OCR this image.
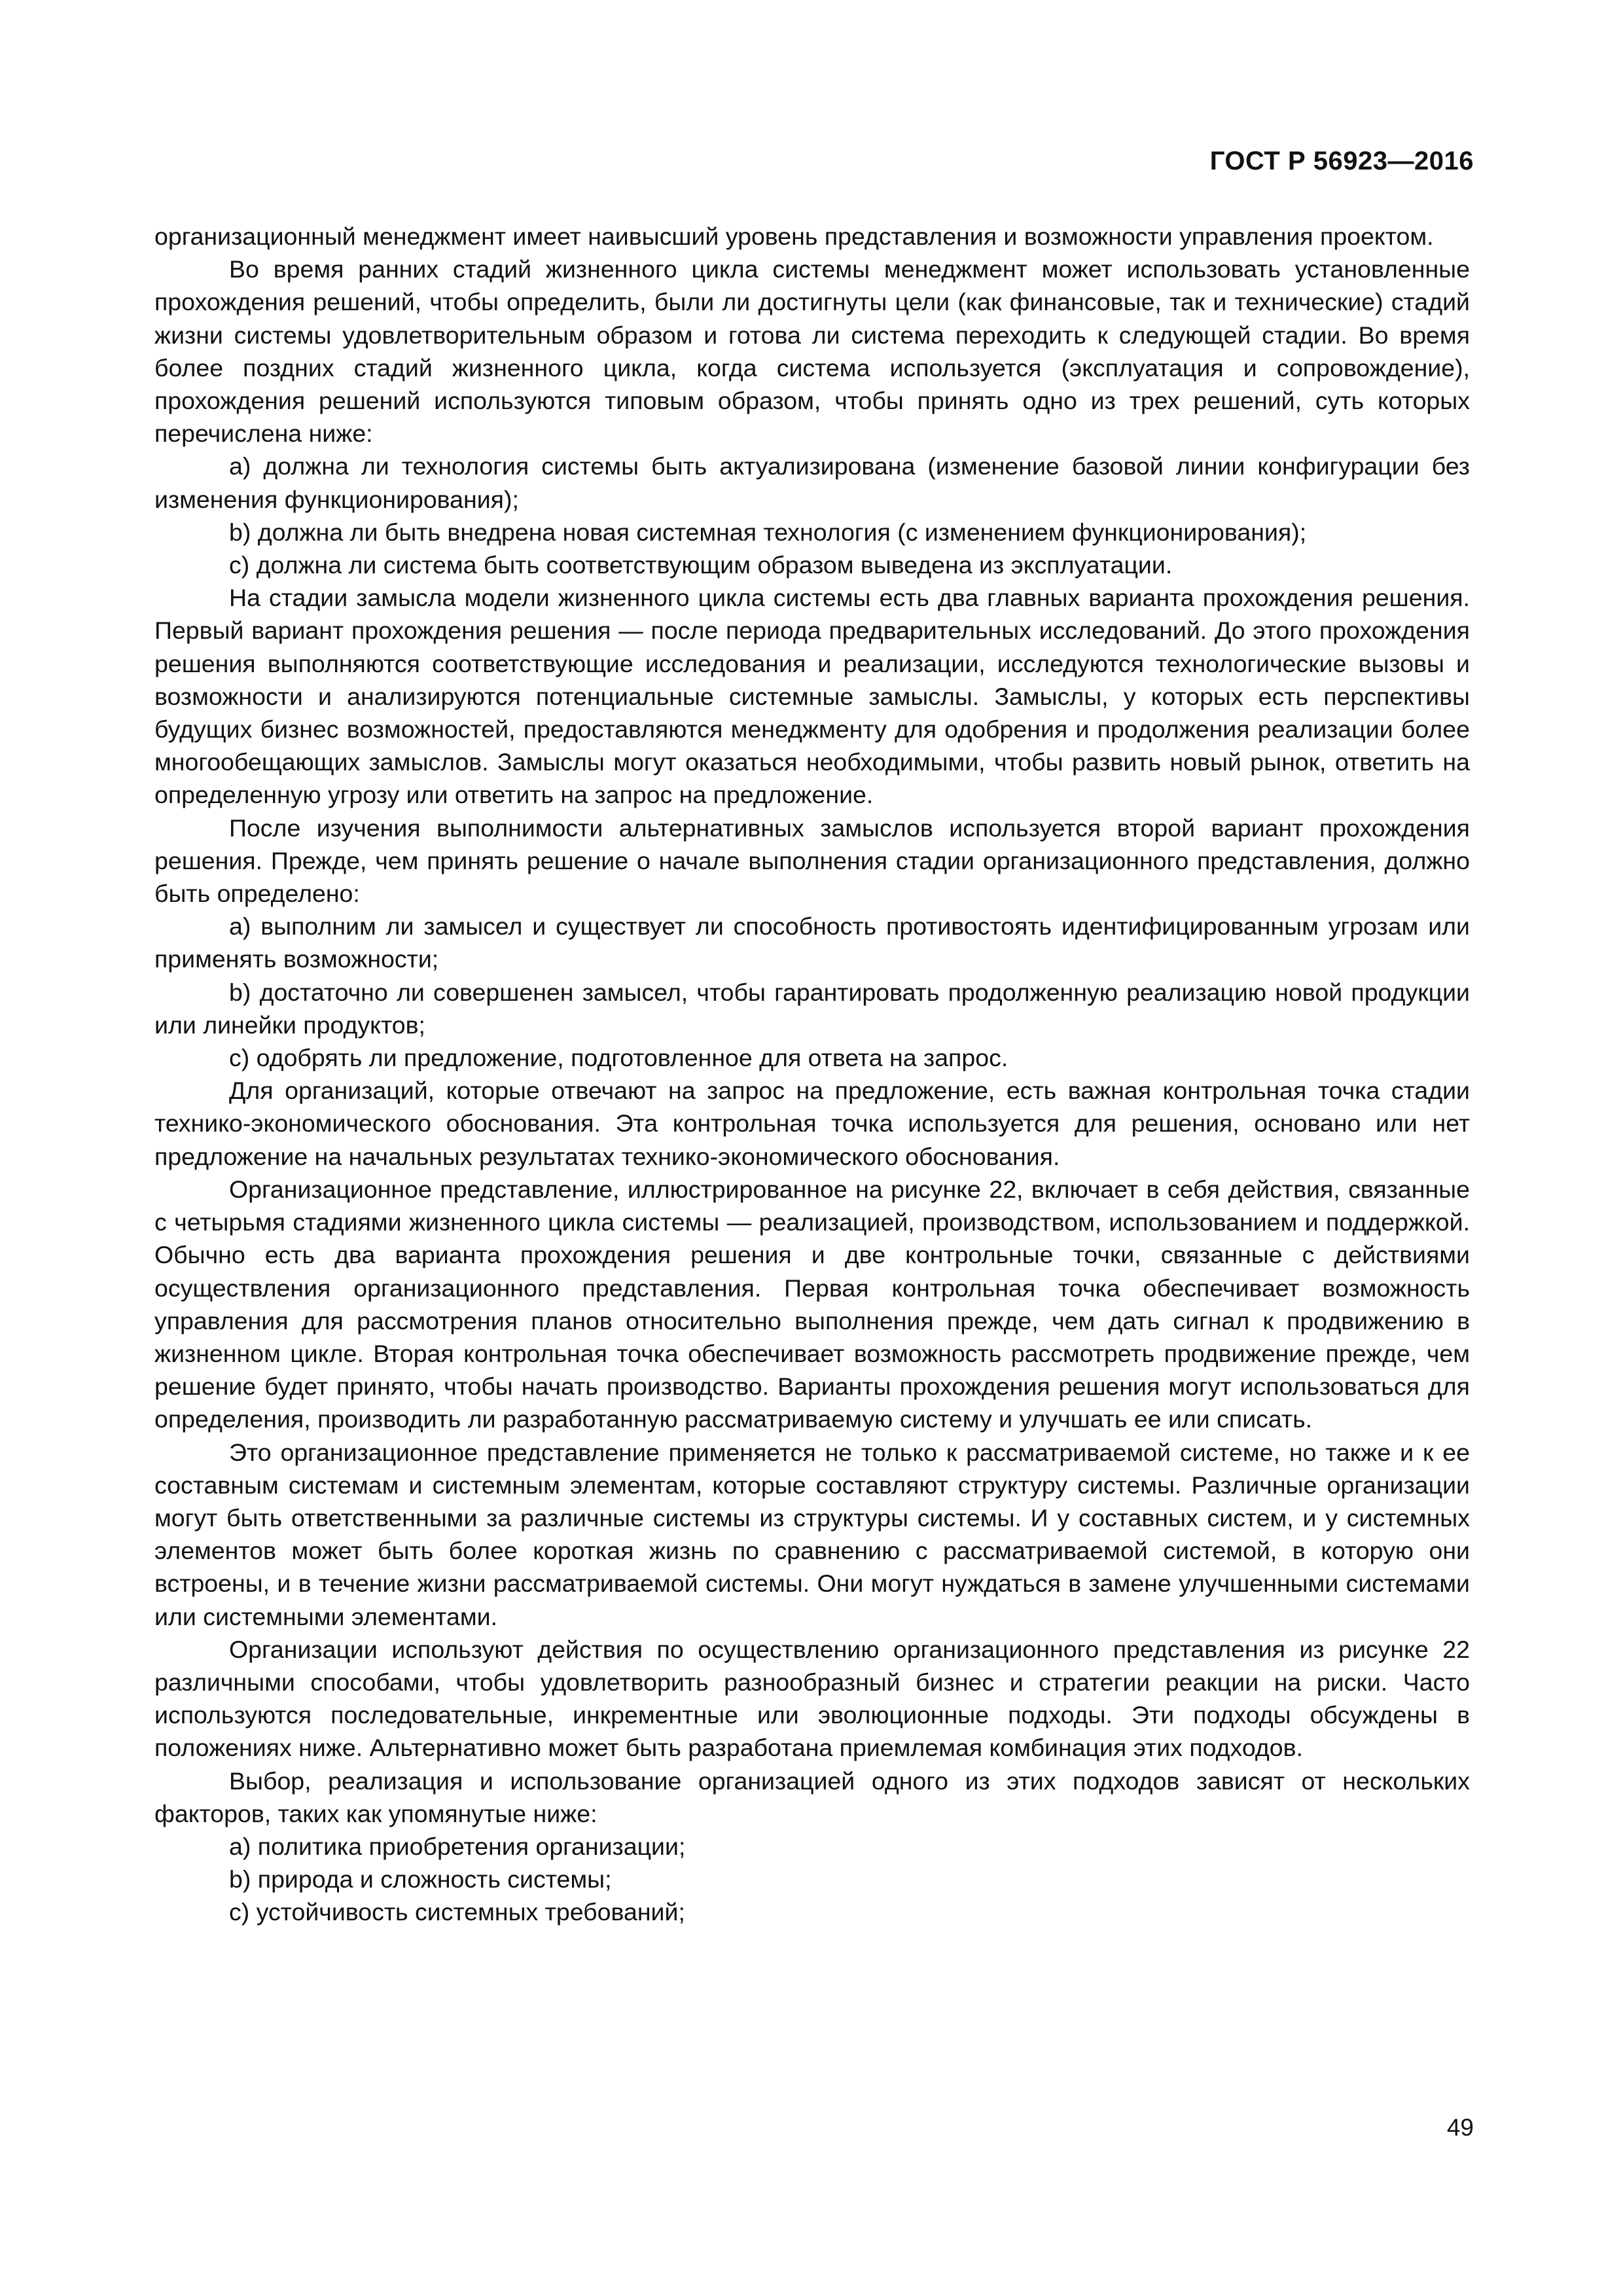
ГОСТ Р 56923—2016

организационный менеджмент имеет наивысший уровень представления и возможности управления проектом.

Во время ранних стадий жизненного цикла системы менеджмент может использовать установленные прохождения решений, чтобы определить, были ли достигнуты цели (как финансовые, так и технические) стадий жизни системы удовлетворительным образом и готова ли система переходить к следующей стадии. Во время более поздних стадий жизненного цикла, когда система используется (эксплуатация и сопровождение), прохождения решений используются типовым образом, чтобы принять одно из трех решений, суть которых перечислена ниже:

a) должна ли технология системы быть актуализирована (изменение базовой линии конфигурации без изменения функционирования);

b) должна ли быть внедрена новая системная технология (с изменением функционирования);

c) должна ли система быть соответствующим образом выведена из эксплуатации.

На стадии замысла модели жизненного цикла системы есть два главных варианта прохождения решения. Первый вариант прохождения решения — после периода предварительных исследований. До этого прохождения решения выполняются соответствующие исследования и реализации, исследуются технологические вызовы и возможности и анализируются потенциальные системные замыслы. Замыслы, у которых есть перспективы будущих бизнес возможностей, предоставляются менеджменту для одобрения и продолжения реализации более многообещающих замыслов. Замыслы могут оказаться необходимыми, чтобы развить новый рынок, ответить на определенную угрозу или ответить на запрос на предложение.

После изучения выполнимости альтернативных замыслов используется второй вариант прохождения решения. Прежде, чем принять решение о начале выполнения стадии организационного представления, должно быть определено:

a) выполним ли замысел и существует ли способность противостоять идентифицированным угрозам или применять возможности;

b) достаточно ли совершенен замысел, чтобы гарантировать продолженную реализацию новой продукции или линейки продуктов;

c) одобрять ли предложение, подготовленное для ответа на запрос.

Для организаций, которые отвечают на запрос на предложение, есть важная контрольная точка стадии технико-экономического обоснования. Эта контрольная точка используется для решения, основано или нет предложение на начальных результатах технико-экономического обоснования.

Организационное представление, иллюстрированное на рисунке 22, включает в себя действия, связанные с четырьмя стадиями жизненного цикла системы — реализацией, производством, использованием и поддержкой. Обычно есть два варианта прохождения решения и две контрольные точки, связанные с действиями осуществления организационного представления. Первая контрольная точка обеспечивает возможность управления для рассмотрения планов относительно выполнения прежде, чем дать сигнал к продвижению в жизненном цикле. Вторая контрольная точка обеспечивает возможность рассмотреть продвижение прежде, чем решение будет принято, чтобы начать производство. Варианты прохождения решения могут использоваться для определения, производить ли разработанную рассматриваемую систему и улучшать ее или списать.

Это организационное представление применяется не только к рассматриваемой системе, но также и к ее составным системам и системным элементам, которые составляют структуру системы. Различные организации могут быть ответственными за различные системы из структуры системы. И у составных систем, и у системных элементов может быть более короткая жизнь по сравнению с рассматриваемой системой, в которую они встроены, и в течение жизни рассматриваемой системы. Они могут нуждаться в замене улучшенными системами или системными элементами.

Организации используют действия по осуществлению организационного представления из рисунке 22 различными способами, чтобы удовлетворить разнообразный бизнес и стратегии реакции на риски. Часто используются последовательные, инкрементные или эволюционные подходы. Эти подходы обсуждены в положениях ниже. Альтернативно может быть разработана приемлемая комбинация этих подходов.

Выбор, реализация и использование организацией одного из этих подходов зависят от нескольких факторов, таких как упомянутые ниже:

a) политика приобретения организации;

b) природа и сложность системы;

c) устойчивость системных требований;

49
